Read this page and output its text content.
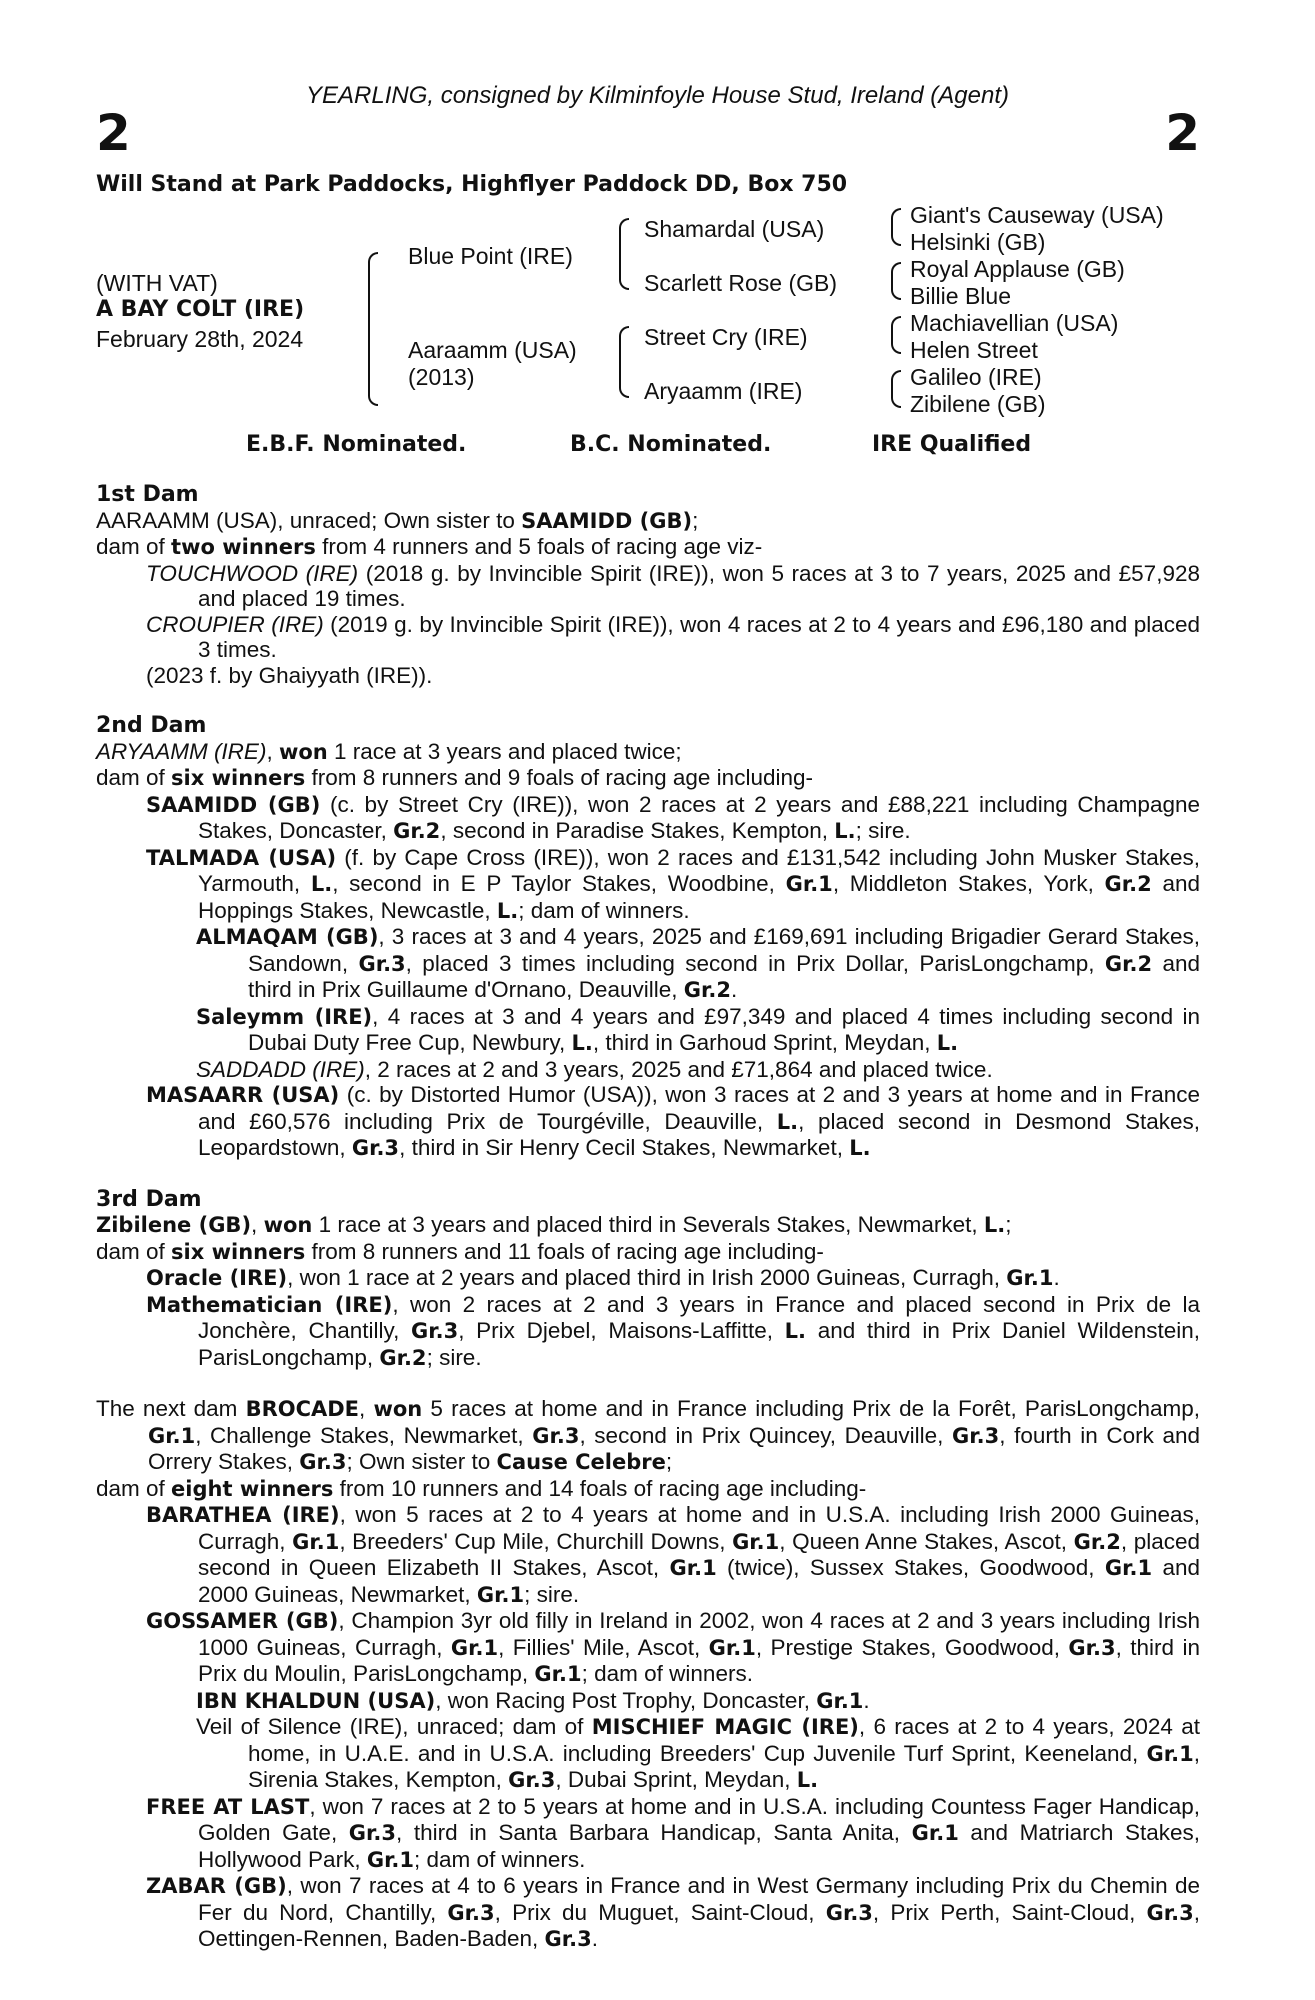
2	2
YEARLING, consigned by Kilminfoyle House Stud, Ireland (Agent)
Will Stand at Park Paddocks, Highflyer Paddock DD, Box 750
(WITH VAT)
A BAY COLT (IRE)
February 28th, 2024
Blue Point (IRE)
Aaraamm (USA)
(2013)
Shamardal (USA)
Scarlett Rose (GB)
Street Cry (IRE)
Aryaamm (IRE)
Giant's Causeway (USA)
Helsinki (GB)
Royal Applause (GB)
Billie Blue
Machiavellian (USA)
Helen Street
Galileo (IRE)
Zibilene (GB)
E.B.F. Nominated.	B.C. Nominated.	IRE Qualified

1st Dam

AARAAMM (USA), unraced; Own sister to SAAMIDD (GB);

dam of two winners from 4 runners and 5 foals of racing age viz-

TOUCHWOOD (IRE) (2018 g. by Invincible Spirit (IRE)), won 5 races at 3 to 7 years, 2025 and £57,928 and placed 19 times.

CROUPIER (IRE) (2019 g. by Invincible Spirit (IRE)), won 4 races at 2 to 4 years and £96,180 and placed 3 times.

(2023 f. by Ghaiyyath (IRE)).

2nd Dam

ARYAAMM (IRE), won 1 race at 3 years and placed twice;

dam of six winners from 8 runners and 9 foals of racing age including-

SAAMIDD (GB) (c. by Street Cry (IRE)), won 2 races at 2 years and £88,221 including Champagne Stakes, Doncaster, Gr.2, second in Paradise Stakes, Kempton, L.; sire.

TALMADA (USA) (f. by Cape Cross (IRE)), won 2 races and £131,542 including John Musker Stakes, Yarmouth, L., second in E P Taylor Stakes, Woodbine, Gr.1, Middleton Stakes, York, Gr.2 and Hoppings Stakes, Newcastle, L.; dam of winners.

ALMAQAM (GB), 3 races at 3 and 4 years, 2025 and £169,691 including Brigadier Gerard Stakes, Sandown, Gr.3, placed 3 times including second in Prix Dollar, ParisLongchamp, Gr.2 and third in Prix Guillaume d'Ornano, Deauville, Gr.2.

Saleymm (IRE), 4 races at 3 and 4 years and £97,349 and placed 4 times including second in Dubai Duty Free Cup, Newbury, L., third in Garhoud Sprint, Meydan, L.

SADDADD (IRE), 2 races at 2 and 3 years, 2025 and £71,864 and placed twice.

MASAARR (USA) (c. by Distorted Humor (USA)), won 3 races at 2 and 3 years at home and in France and £60,576 including Prix de Tourgéville, Deauville, L., placed second in Desmond Stakes, Leopardstown, Gr.3, third in Sir Henry Cecil Stakes, Newmarket, L.

3rd Dam

Zibilene (GB), won 1 race at 3 years and placed third in Severals Stakes, Newmarket, L.;

dam of six winners from 8 runners and 11 foals of racing age including-

Oracle (IRE), won 1 race at 2 years and placed third in Irish 2000 Guineas, Curragh, Gr.1.

Mathematician (IRE), won 2 races at 2 and 3 years in France and placed second in Prix de la Jonchère, Chantilly, Gr.3, Prix Djebel, Maisons-Laffitte, L. and third in Prix Daniel Wildenstein, ParisLongchamp, Gr.2; sire.

The next dam BROCADE, won 5 races at home and in France including Prix de la Forêt, ParisLongchamp, Gr.1, Challenge Stakes, Newmarket, Gr.3, second in Prix Quincey, Deauville, Gr.3, fourth in Cork and Orrery Stakes, Gr.3; Own sister to Cause Celebre;

dam of eight winners from 10 runners and 14 foals of racing age including-

BARATHEA (IRE), won 5 races at 2 to 4 years at home and in U.S.A. including Irish 2000 Guineas, Curragh, Gr.1, Breeders' Cup Mile, Churchill Downs, Gr.1, Queen Anne Stakes, Ascot, Gr.2, placed second in Queen Elizabeth II Stakes, Ascot, Gr.1 (twice), Sussex Stakes, Goodwood, Gr.1 and 2000 Guineas, Newmarket, Gr.1; sire.

GOSSAMER (GB), Champion 3yr old filly in Ireland in 2002, won 4 races at 2 and 3 years including Irish 1000 Guineas, Curragh, Gr.1, Fillies' Mile, Ascot, Gr.1, Prestige Stakes, Goodwood, Gr.3, third in Prix du Moulin, ParisLongchamp, Gr.1; dam of winners.

IBN KHALDUN (USA), won Racing Post Trophy, Doncaster, Gr.1.

Veil of Silence (IRE), unraced; dam of MISCHIEF MAGIC (IRE), 6 races at 2 to 4 years, 2024 at home, in U.A.E. and in U.S.A. including Breeders' Cup Juvenile Turf Sprint, Keeneland, Gr.1, Sirenia Stakes, Kempton, Gr.3, Dubai Sprint, Meydan, L.

FREE AT LAST, won 7 races at 2 to 5 years at home and in U.S.A. including Countess Fager Handicap, Golden Gate, Gr.3, third in Santa Barbara Handicap, Santa Anita, Gr.1 and Matriarch Stakes, Hollywood Park, Gr.1; dam of winners.

ZABAR (GB), won 7 races at 4 to 6 years in France and in West Germany including Prix du Chemin de Fer du Nord, Chantilly, Gr.3, Prix du Muguet, Saint-Cloud, Gr.3, Prix Perth, Saint-Cloud, Gr.3, Oettingen-Rennen, Baden-Baden, Gr.3.
